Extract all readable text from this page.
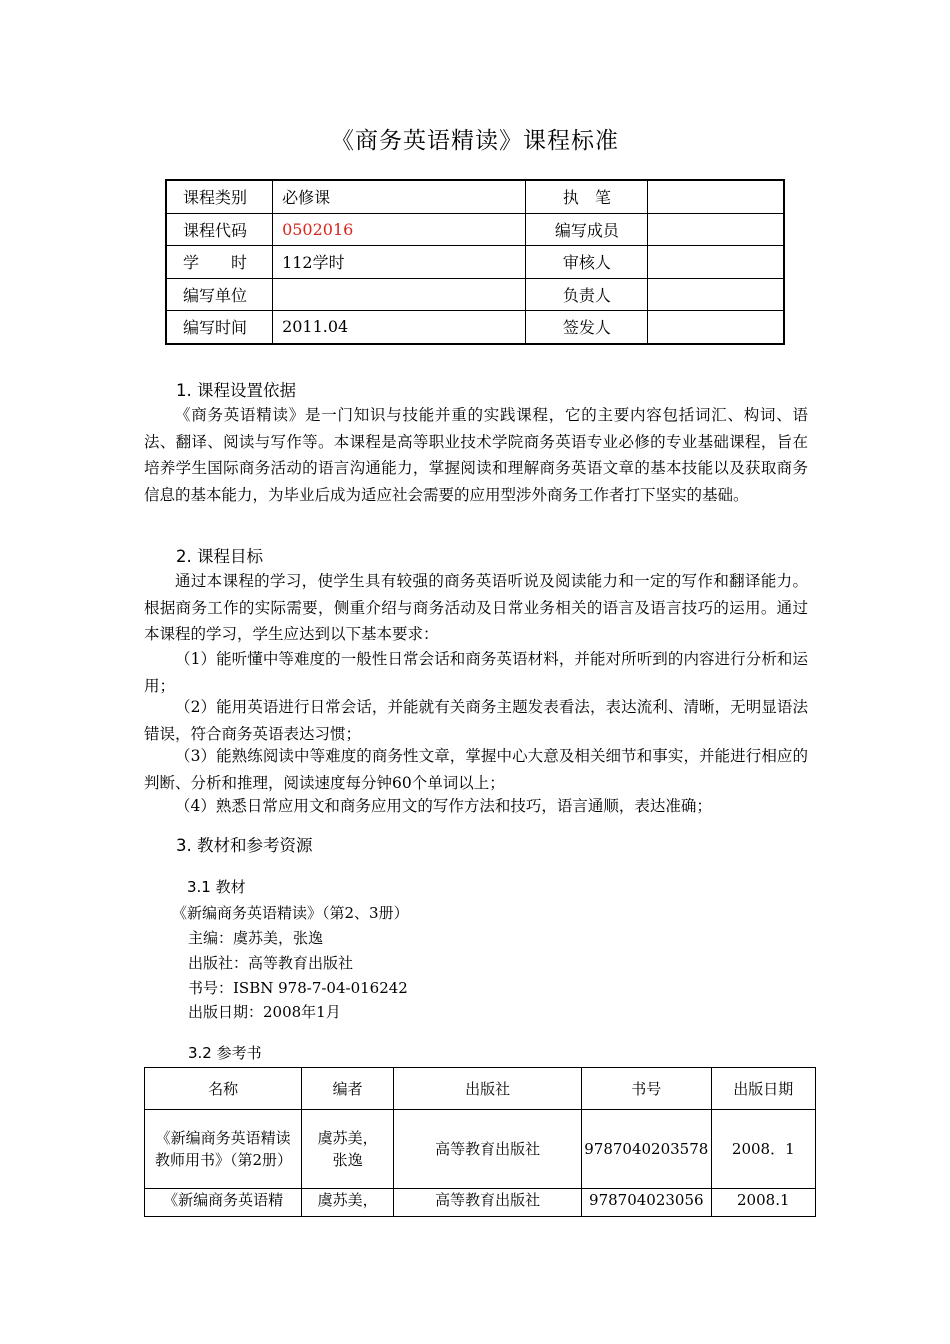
《商务英语精读》课程标准
课程类别	必修课	执　笔	
课程代码	0502016	编写成员	
学　　时	112学时	审核人	
编写单位		负责人	
编写时间	2011.04	签发人	
1. 课程设置依据

《商务英语精读》是一门知识与技能并重的实践课程，它的主要内容包括词汇、构词、语法、翻译、阅读与写作等。本课程是高等职业技术学院商务英语专业必修的专业基础课程，旨在培养学生国际商务活动的语言沟通能力，掌握阅读和理解商务英语文章的基本技能以及获取商务信息的基本能力，为毕业后成为适应社会需要的应用型涉外商务工作者打下坚实的基础。

2. 课程目标

通过本课程的学习，使学生具有较强的商务英语听说及阅读能力和一定的写作和翻译能力。根据商务工作的实际需要，侧重介绍与商务活动及日常业务相关的语言及语言技巧的运用。通过本课程的学习，学生应达到以下基本要求：

（1）能听懂中等难度的一般性日常会话和商务英语材料，并能对所听到的内容进行分析和运用；

（2）能用英语进行日常会话，并能就有关商务主题发表看法，表达流利、清晰，无明显语法错误，符合商务英语表达习惯；

（3）能熟练阅读中等难度的商务性文章，掌握中心大意及相关细节和事实，并能进行相应的判断、分析和推理，阅读速度每分钟60个单词以上；

（4）熟悉日常应用文和商务应用文的写作方法和技巧，语言通顺，表达准确；

3. 教材和参考资源
3.1 教材
《新编商务英语精读》（第2、3册）
主编：虞苏美，张逸
出版社：高等教育出版社
书号：ISBN 978-7-04-016242
出版日期：2008年1月
3.2 参考书
名称	编者	出版社	书号	出版日期
《新编商务英语精读教师用书》（第2册）	虞苏美，张逸	高等教育出版社	9787040203578	2008．1
《新编商务英语精	虞苏美，	高等教育出版社	978704023056	2008.1
